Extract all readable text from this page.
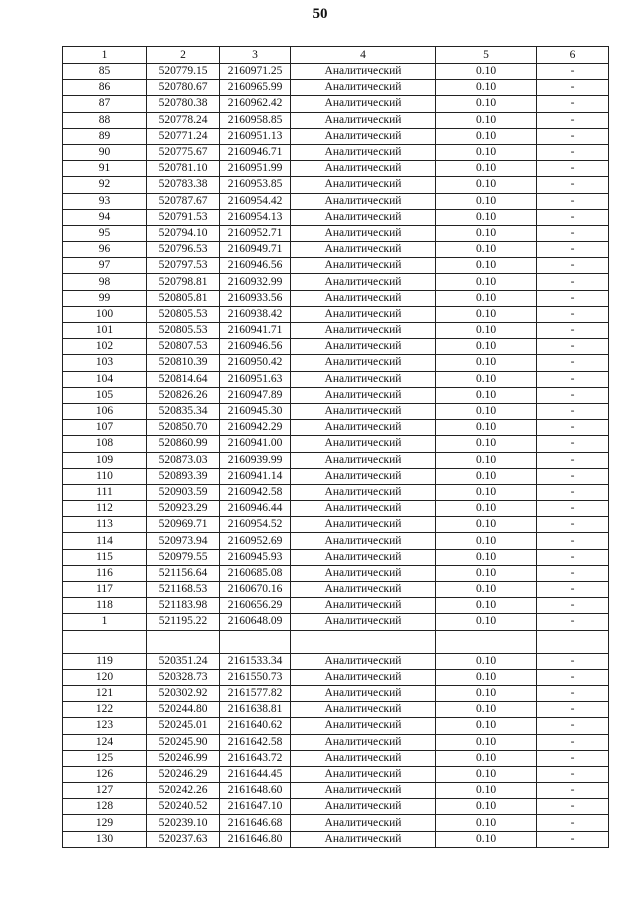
50
1	2	3	4	5	6
85	520779.15	2160971.25	Аналитический	0.10	-
86	520780.67	2160965.99	Аналитический	0.10	-
87	520780.38	2160962.42	Аналитический	0.10	-
88	520778.24	2160958.85	Аналитический	0.10	-
89	520771.24	2160951.13	Аналитический	0.10	-
90	520775.67	2160946.71	Аналитический	0.10	-
91	520781.10	2160951.99	Аналитический	0.10	-
92	520783.38	2160953.85	Аналитический	0.10	-
93	520787.67	2160954.42	Аналитический	0.10	-
94	520791.53	2160954.13	Аналитический	0.10	-
95	520794.10	2160952.71	Аналитический	0.10	-
96	520796.53	2160949.71	Аналитический	0.10	-
97	520797.53	2160946.56	Аналитический	0.10	-
98	520798.81	2160932.99	Аналитический	0.10	-
99	520805.81	2160933.56	Аналитический	0.10	-
100	520805.53	2160938.42	Аналитический	0.10	-
101	520805.53	2160941.71	Аналитический	0.10	-
102	520807.53	2160946.56	Аналитический	0.10	-
103	520810.39	2160950.42	Аналитический	0.10	-
104	520814.64	2160951.63	Аналитический	0.10	-
105	520826.26	2160947.89	Аналитический	0.10	-
106	520835.34	2160945.30	Аналитический	0.10	-
107	520850.70	2160942.29	Аналитический	0.10	-
108	520860.99	2160941.00	Аналитический	0.10	-
109	520873.03	2160939.99	Аналитический	0.10	-
110	520893.39	2160941.14	Аналитический	0.10	-
111	520903.59	2160942.58	Аналитический	0.10	-
112	520923.29	2160946.44	Аналитический	0.10	-
113	520969.71	2160954.52	Аналитический	0.10	-
114	520973.94	2160952.69	Аналитический	0.10	-
115	520979.55	2160945.93	Аналитический	0.10	-
116	521156.64	2160685.08	Аналитический	0.10	-
117	521168.53	2160670.16	Аналитический	0.10	-
118	521183.98	2160656.29	Аналитический	0.10	-
1	521195.22	2160648.09	Аналитический	0.10	-

119	520351.24	2161533.34	Аналитический	0.10	-
120	520328.73	2161550.73	Аналитический	0.10	-
121	520302.92	2161577.82	Аналитический	0.10	-
122	520244.80	2161638.81	Аналитический	0.10	-
123	520245.01	2161640.62	Аналитический	0.10	-
124	520245.90	2161642.58	Аналитический	0.10	-
125	520246.99	2161643.72	Аналитический	0.10	-
126	520246.29	2161644.45	Аналитический	0.10	-
127	520242.26	2161648.60	Аналитический	0.10	-
128	520240.52	2161647.10	Аналитический	0.10	-
129	520239.10	2161646.68	Аналитический	0.10	-
130	520237.63	2161646.80	Аналитический	0.10	-
